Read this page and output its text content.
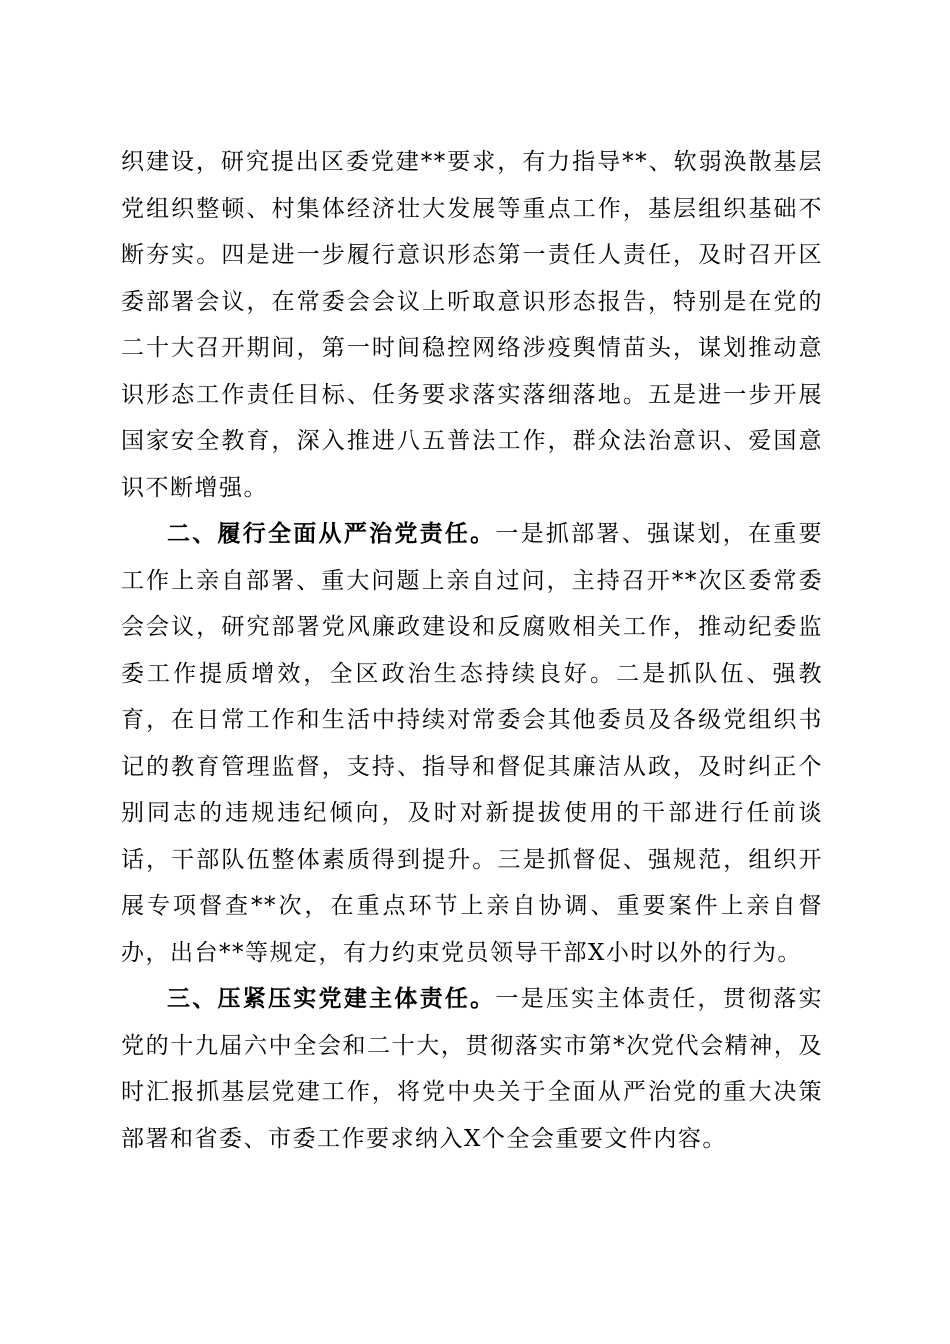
织建设，研究提出区委党建**要求，有力指导**、软弱涣散基层党组织整顿、村集体经济壮大发展等重点工作，基层组织基础不断夯实。四是进一步履行意识形态第一责任人责任，及时召开区委部署会议，在常委会会议上听取意识形态报告，特别是在党的二十大召开期间，第一时间稳控网络涉疫舆情苗头，谋划推动意识形态工作责任目标、任务要求落实落细落地。五是进一步开展国家安全教育，深入推进八五普法工作，群众法治意识、爱国意识不断增强。

二、履行全面从严治党责任。一是抓部署、强谋划，在重要工作上亲自部署、重大问题上亲自过问，主持召开**次区委常委会会议，研究部署党风廉政建设和反腐败相关工作，推动纪委监委工作提质增效，全区政治生态持续良好。二是抓队伍、强教育，在日常工作和生活中持续对常委会其他委员及各级党组织书记的教育管理监督，支持、指导和督促其廉洁从政，及时纠正个别同志的违规违纪倾向，及时对新提拔使用的干部进行任前谈话，干部队伍整体素质得到提升。三是抓督促、强规范，组织开展专项督查**次，在重点环节上亲自协调、重要案件上亲自督办，出台**等规定，有力约束党员领导干部X小时以外的行为。

三、压紧压实党建主体责任。一是压实主体责任，贯彻落实党的十九届六中全会和二十大，贯彻落实市第*次党代会精神，及时汇报抓基层党建工作，将党中央关于全面从严治党的重大决策部署和省委、市委工作要求纳入X个全会重要文件内容。
